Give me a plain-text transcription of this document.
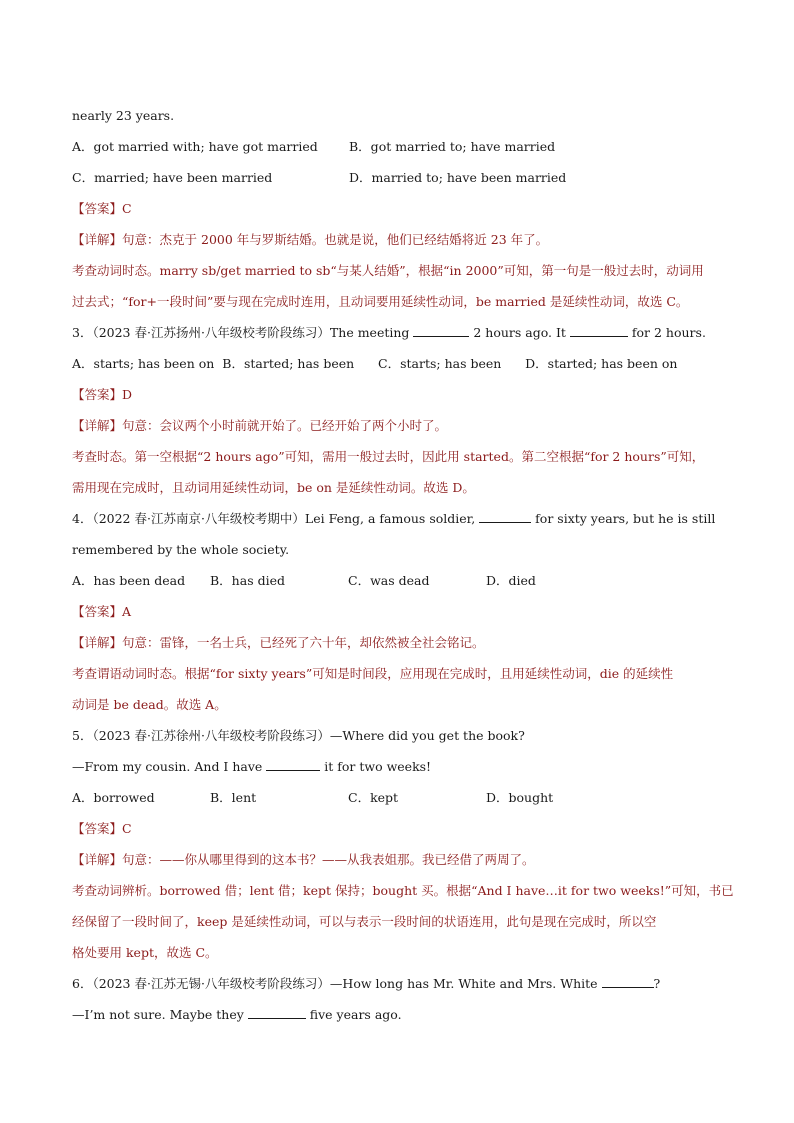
nearly 23 years.
A．got married with; have got married	B．got married to; have married
C．married; have been married	D．married to; have been married
【答案】C
【详解】句意：杰克于 2000 年与罗斯结婚。也就是说，他们已经结婚将近 23 年了。
考查动词时态。marry sb/get married to sb“与某人结婚”，根据“in 2000”可知，第一句是一般过去时，动词用
过去式；“for+一段时间”要与现在完成时连用，且动词要用延续性动词，be married 是延续性动词，故选 C。
3．（2023 春·江苏扬州·八年级校考阶段练习）The meeting	2 hours ago. It	for 2 hours.
A．starts; has been on B．started; has been C．starts; has been D．started; has been on
【答案】D
【详解】句意：会议两个小时前就开始了。已经开始了两个小时了。
考查时态。第一空根据“2 hours ago”可知，需用一般过去时，因此用 started。第二空根据“for 2 hours”可知，
需用现在完成时，且动词用延续性动词，be on 是延续性动词。故选 D。
4．（2022 春·江苏南京·八年级校考期中）Lei Feng, a famous soldier,	for sixty years, but he is still
remembered by the whole society.
A．has been dead	B．has died	C．was dead	D．died
【答案】A
【详解】句意：雷锋，一名士兵，已经死了六十年，却依然被全社会铭记。
考查谓语动词时态。根据“for sixty years”可知是时间段，应用现在完成时，且用延续性动词，die 的延续性
动词是 be dead。故选 A。
5．（2023 春·江苏徐州·八年级校考阶段练习）—Where did you get the book?
—From my cousin. And I have	it for two weeks!
A．borrowed	B．lent	C．kept	D．bought
【答案】C
【详解】句意：——你从哪里得到的这本书？——从我表姐那。我已经借了两周了。
考查动词辨析。borrowed 借；lent 借；kept 保持；bought 买。根据“And I have…it for two weeks!”可知，书已
经保留了一段时间了，keep 是延续性动词，可以与表示一段时间的状语连用，此句是现在完成时，所以空
格处要用 kept，故选 C。
6．（2023 春·江苏无锡·八年级校考阶段练习）—How long has Mr. White and Mrs. White	?
—I’m not sure. Maybe they	five years ago.
